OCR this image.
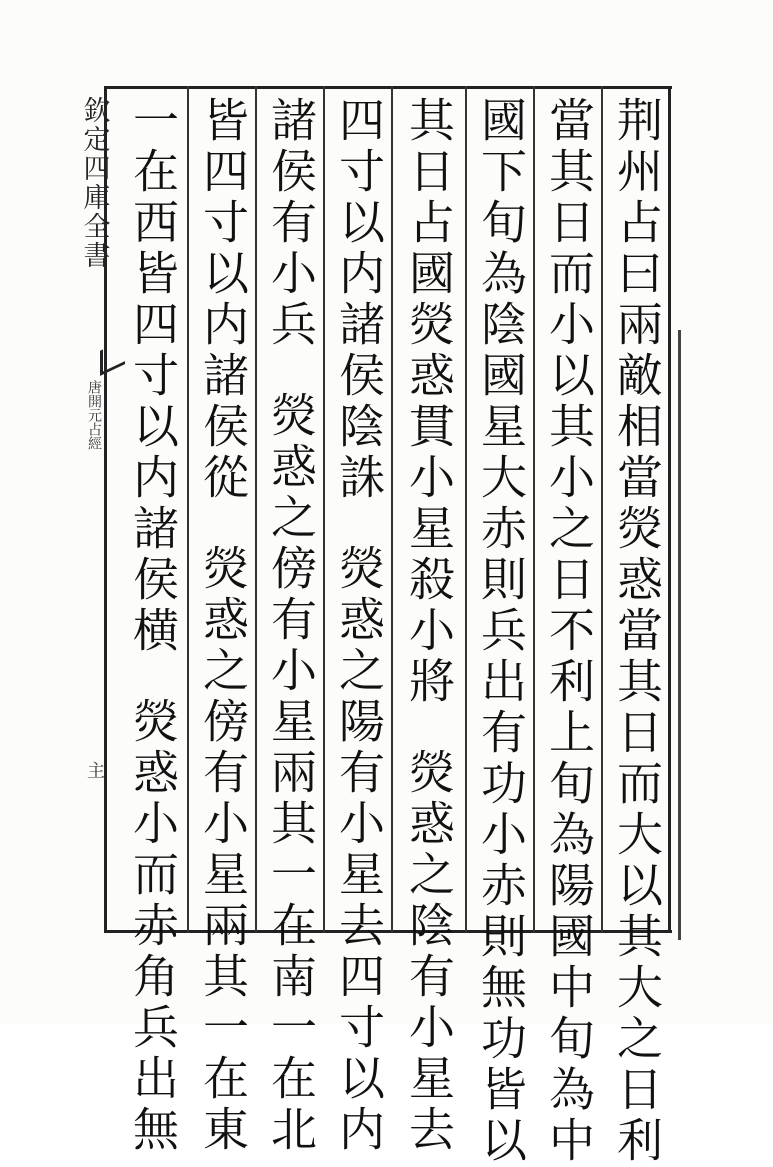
欽定四庫全書
唐開元占經
主	荆州占曰兩敵相當熒惑當其日而大以其大之日利
當其日而小以其小之日不利上旬為陽國中旬為中
國下旬為陰國星大赤則兵出有功小赤則無功皆以
其日占國熒惑貫小星殺小將
熒惑之陰有小星去
四寸以内諸侯陰誅
熒惑之陽有小星去四寸以内
諸侯有小兵
熒惑之傍有小星兩其一在南一在北
皆四寸以内諸侯從
熒惑之傍有小星兩其一在東
一在西皆四寸以内諸侯横
熒惑小而赤角兵出無
